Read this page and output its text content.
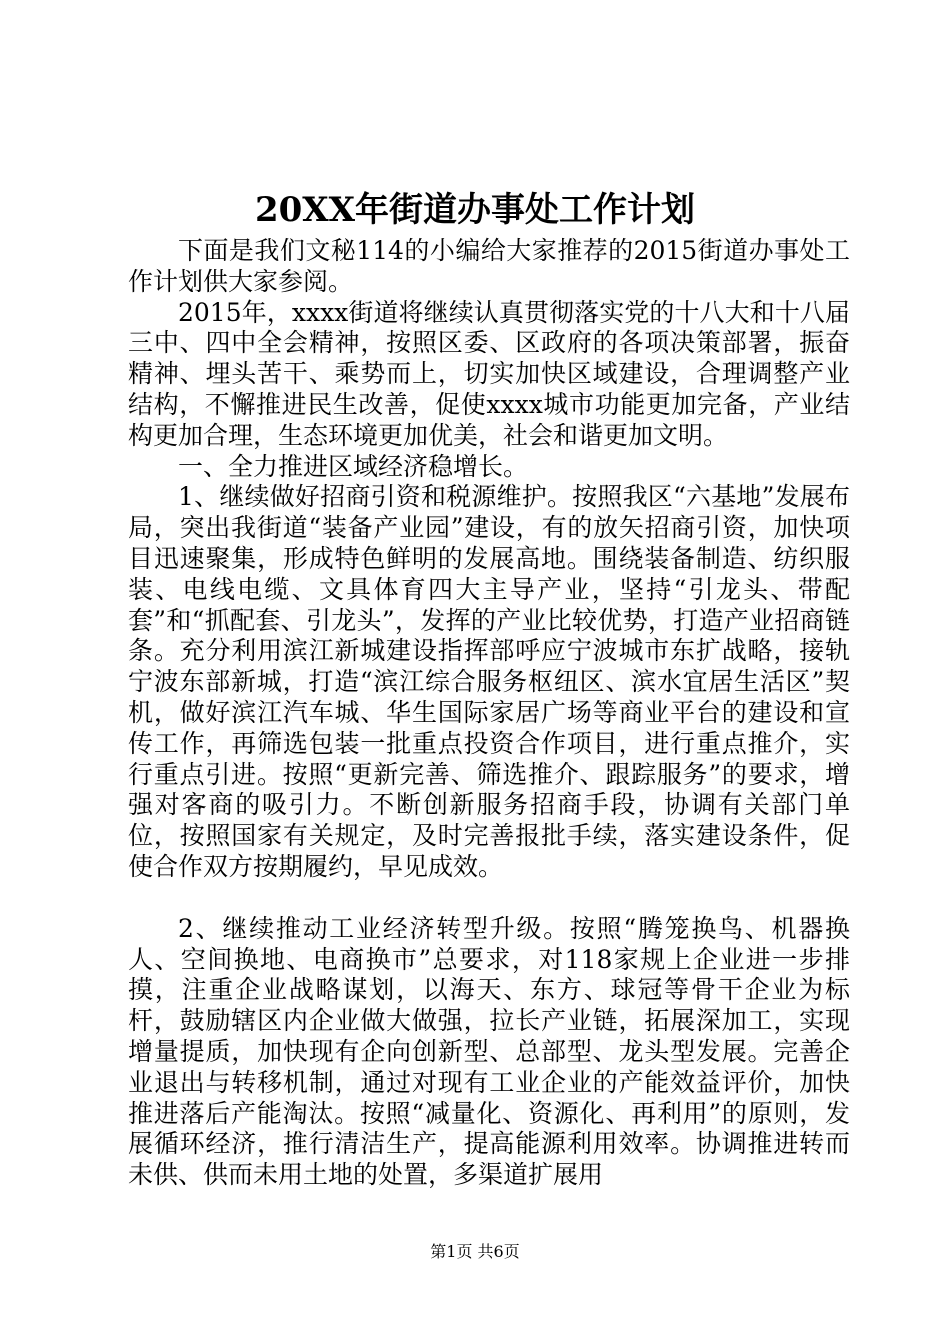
20XX年街道办事处工作计划

下面是我们文秘114的小编给大家推荐的2015街道办事处工作计划供大家参阅。

2015年，xxxx街道将继续认真贯彻落实党的十八大和十八届三中、四中全会精神，按照区委、区政府的各项决策部署，振奋精神、埋头苦干、乘势而上，切实加快区域建设，合理调整产业结构，不懈推进民生改善，促使xxxx城市功能更加完备，产业结构更加合理，生态环境更加优美，社会和谐更加文明。

一、全力推进区域经济稳增长。

1、继续做好招商引资和税源维护。按照我区“六基地”发展布局，突出我街道“装备产业园”建设，有的放矢招商引资，加快项目迅速聚集，形成特色鲜明的发展高地。围绕装备制造、纺织服装、电线电缆、文具体育四大主导产业，坚持“引龙头、带配套”和“抓配套、引龙头”，发挥的产业比较优势，打造产业招商链条。充分利用滨江新城建设指挥部呼应宁波城市东扩战略，接轨宁波东部新城，打造“滨江综合服务枢纽区、滨水宜居生活区”契机，做好滨江汽车城、华生国际家居广场等商业平台的建设和宣传工作，再筛选包装一批重点投资合作项目，进行重点推介，实行重点引进。按照“更新完善、筛选推介、跟踪服务”的要求，增强对客商的吸引力。不断创新服务招商手段，协调有关部门单位，按照国家有关规定，及时完善报批手续，落实建设条件，促使合作双方按期履约，早见成效。

2、继续推动工业经济转型升级。按照“腾笼换鸟、机器换人、空间换地、电商换市”总要求，对118家规上企业进一步排摸，注重企业战略谋划，以海天、东方、球冠等骨干企业为标杆，鼓励辖区内企业做大做强，拉长产业链，拓展深加工，实现增量提质，加快现有企向创新型、总部型、龙头型发展。完善企业退出与转移机制，通过对现有工业企业的产能效益评价，加快推进落后产能淘汰。按照“减量化、资源化、再利用”的原则，发展循环经济，推行清洁生产，提高能源利用效率。协调推进转而未供、供而未用土地的处置，多渠道扩展用

第1页 共6页
